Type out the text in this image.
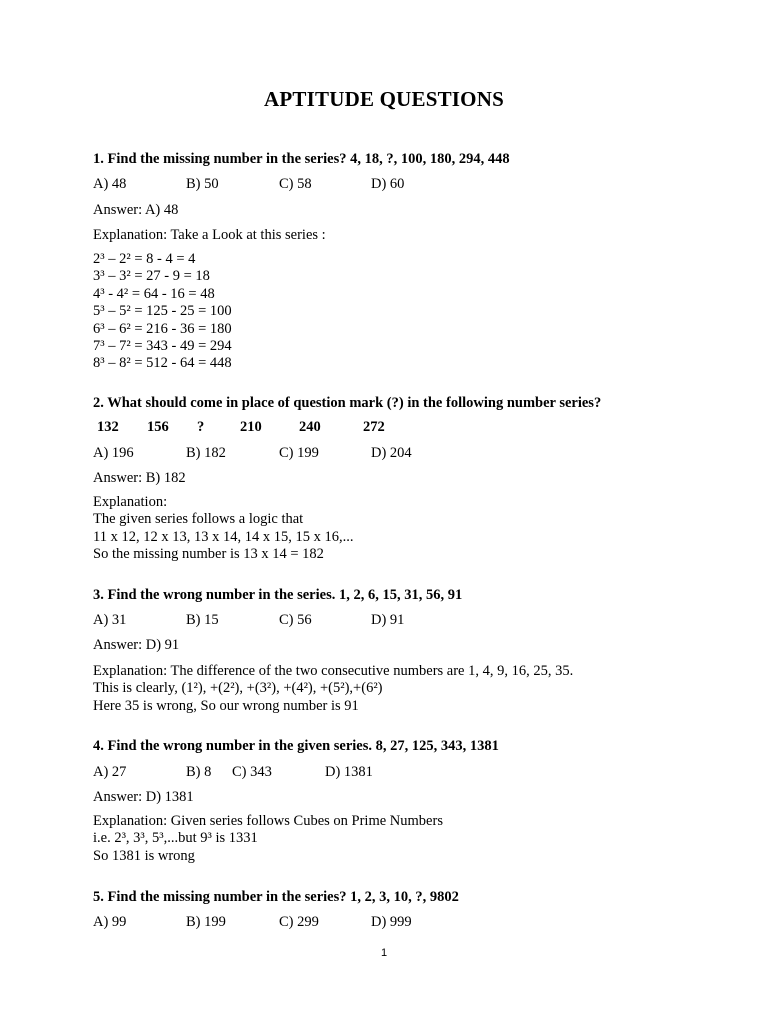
APTITUDE QUESTIONS
1. Find the missing number in the series? 4, 18, ?, 100, 180, 294, 448
A) 48	B) 50	C) 58	D) 60
Answer: A) 48
Explanation: Take a Look at this series :
2³ – 2² = 8 - 4 = 4
3³ – 3² = 27 - 9 = 18
4³ - 4² = 64 - 16 = 48
5³ – 5² = 125 - 25 = 100
6³ – 6² = 216 - 36 = 180
7³ – 7² = 343 - 49 = 294
8³ – 8² = 512 - 64 = 448
2. What should come in place of question mark (?) in the following number series?
132 156 ? 210	240	272
A) 196	B) 182	C) 199	D) 204
Answer: B) 182
Explanation:
The given series follows a logic that
11 x 12, 12 x 13, 13 x 14, 14 x 15, 15 x 16,...
So the missing number is 13 x 14 = 182
3. Find the wrong number in the series. 1, 2, 6, 15, 31, 56, 91
A) 31	B) 15	C) 56	D) 91
Answer: D) 91
Explanation: The difference of the two consecutive numbers are 1, 4, 9, 16, 25, 35.
This is clearly, (1²), +(2²), +(3²), +(4²), +(5²),+(6²)
Here 35 is wrong, So our wrong number is 91
4. Find the wrong number in the given series. 8, 27, 125, 343, 1381
A) 27	B) 8 C) 343	D) 1381
Answer: D) 1381
Explanation: Given series follows Cubes on Prime Numbers
i.e. 2³, 3³, 5³,...but 9³ is 1331
So 1381 is wrong
5. Find the missing number in the series? 1, 2, 3, 10, ?, 9802
A) 99	B) 199	C) 299	D) 999
1
